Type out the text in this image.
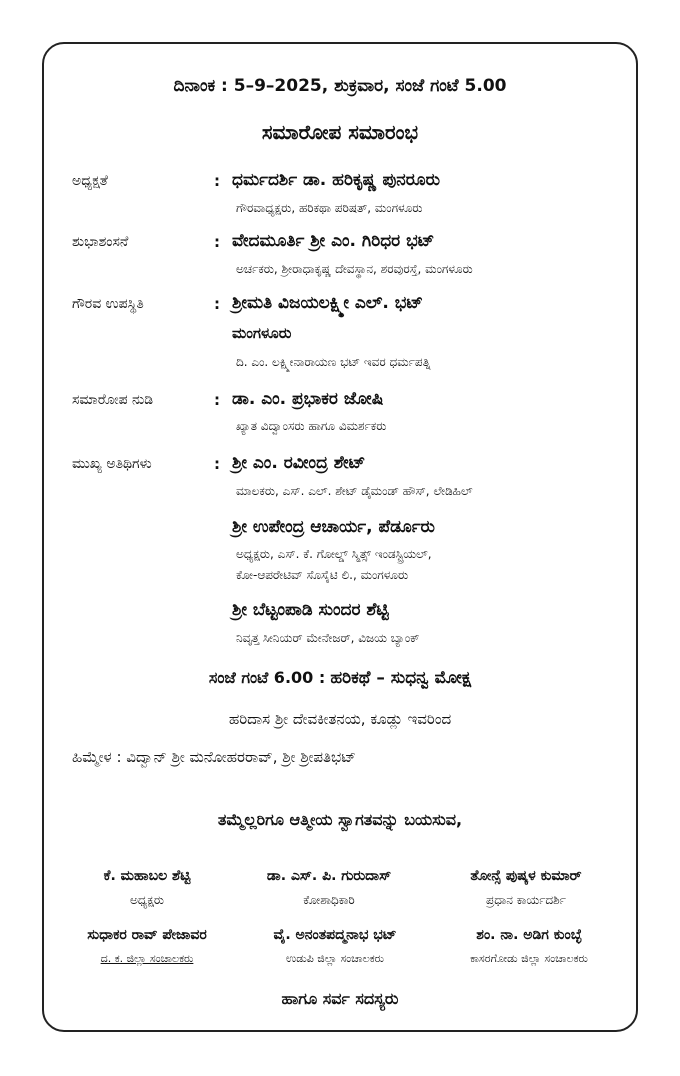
ದಿನಾಂಕ : 5–9–2025, ಶುಕ್ರವಾರ, ಸಂಜೆ ಗಂಟೆ 5.00
ಸಮಾರೋಪ ಸಮಾರಂಭ
ಅಧ್ಯಕ್ಷತೆ	: ಧರ್ಮದರ್ಶಿ ಡಾ. ಹರಿಕೃಷ್ಣ ಪುನರೂರು
ಗೌರವಾಧ್ಯಕ್ಷರು, ಹರಿಕಥಾ ಪರಿಷತ್, ಮಂಗಳೂರು
ಶುಭಾಶಂಸನೆ	: ವೇದಮೂರ್ತಿ ಶ್ರೀ ಎಂ. ಗಿರಿಧರ ಭಟ್
ಅರ್ಚಕರು, ಶ್ರೀರಾಧಾಕೃಷ್ಣ ದೇವಸ್ಥಾನ, ಶರವುರಸ್ತೆ, ಮಂಗಳೂರು
ಗೌರವ ಉಪಸ್ಥಿತಿ	: ಶ್ರೀಮತಿ ವಿಜಯಲಕ್ಷ್ಮೀ ಎಲ್. ಭಟ್
ಮಂಗಳೂರು
ದಿ. ಎಂ. ಲಕ್ಷ್ಮೀನಾರಾಯಣ ಭಟ್ ಇವರ ಧರ್ಮಪತ್ನಿ
ಸಮಾರೋಪ ನುಡಿ	: ಡಾ. ಎಂ. ಪ್ರಭಾಕರ ಜೋಷಿ
ಖ್ಯಾತ ವಿದ್ವಾಂಸರು ಹಾಗೂ ವಿಮರ್ಶಕರು
ಮುಖ್ಯ ಅತಿಥಿಗಳು	: ಶ್ರೀ ಎಂ. ರವೀಂದ್ರ ಶೇಟ್
ಮಾಲಕರು, ಎಸ್. ಎಲ್. ಶೇಟ್ ಡೈಮಂಡ್ ಹೌಸ್, ಲೇಡಿಹಿಲ್
ಶ್ರೀ ಉಪೇಂದ್ರ ಆಚಾರ್ಯ, ಪೆರ್ಡೂರು
ಅಧ್ಯಕ್ಷರು, ಎಸ್. ಕೆ. ಗೋಲ್ಡ್ ಸ್ಮಿತ್ಸ್ ಇಂಡಸ್ಟ್ರಿಯಲ್,
ಕೋ-ಆಪರೇಟಿವ್ ಸೊಸೈಟಿ ಲಿ., ಮಂಗಳೂರು
ಶ್ರೀ ಬೆಟ್ಟಂಪಾಡಿ ಸುಂದರ ಶೆಟ್ಟಿ
ನಿವೃತ್ತ ಸೀನಿಯರ್ ಮೇನೇಜರ್, ವಿಜಯ ಬ್ಯಾಂಕ್
ಸಂಜೆ ಗಂಟೆ 6.00 : ಹರಿಕಥೆ – ಸುಧನ್ವ ಮೋಕ್ಷ
ಹರಿದಾಸ ಶ್ರೀ ದೇವಕೀತನಯ, ಕೂಡ್ಲು ಇವರಿಂದ
ಹಿಮ್ಮೇಳ : ವಿದ್ವಾನ್ ಶ್ರೀ ಮನೋಹರರಾವ್, ಶ್ರೀ ಶ್ರೀಪತಿಭಟ್
ತಮ್ಮೆಲ್ಲರಿಗೂ ಆತ್ಮೀಯ ಸ್ವಾಗತವನ್ನು ಬಯಸುವ,
ಕೆ. ಮಹಾಬಲ ಶೆಟ್ಟಿ
ಅಧ್ಯಕ್ಷರು
ಡಾ. ಎಸ್. ಪಿ. ಗುರುದಾಸ್
ಕೋಶಾಧಿಕಾರಿ
ತೋನ್ಸೆ ಪುಷ್ಕಳ ಕುಮಾರ್
ಪ್ರಧಾನ ಕಾರ್ಯದರ್ಶಿ
ಸುಧಾಕರ ರಾವ್ ಪೇಜಾವರ
ದ. ಕ. ಜಿಲ್ಲಾ ಸಂಚಾಲಕರು
ವೈ. ಅನಂತಪದ್ಮನಾಭ ಭಟ್
ಉಡುಪಿ ಜಿಲ್ಲಾ ಸಂಚಾಲಕರು
ಶಂ. ನಾ. ಅಡಿಗ ಕುಂಬ್ಳೆ
ಕಾಸರಗೋಡು ಜಿಲ್ಲಾ ಸಂಚಾಲಕರು
ಹಾಗೂ ಸರ್ವ ಸದಸ್ಯರು
